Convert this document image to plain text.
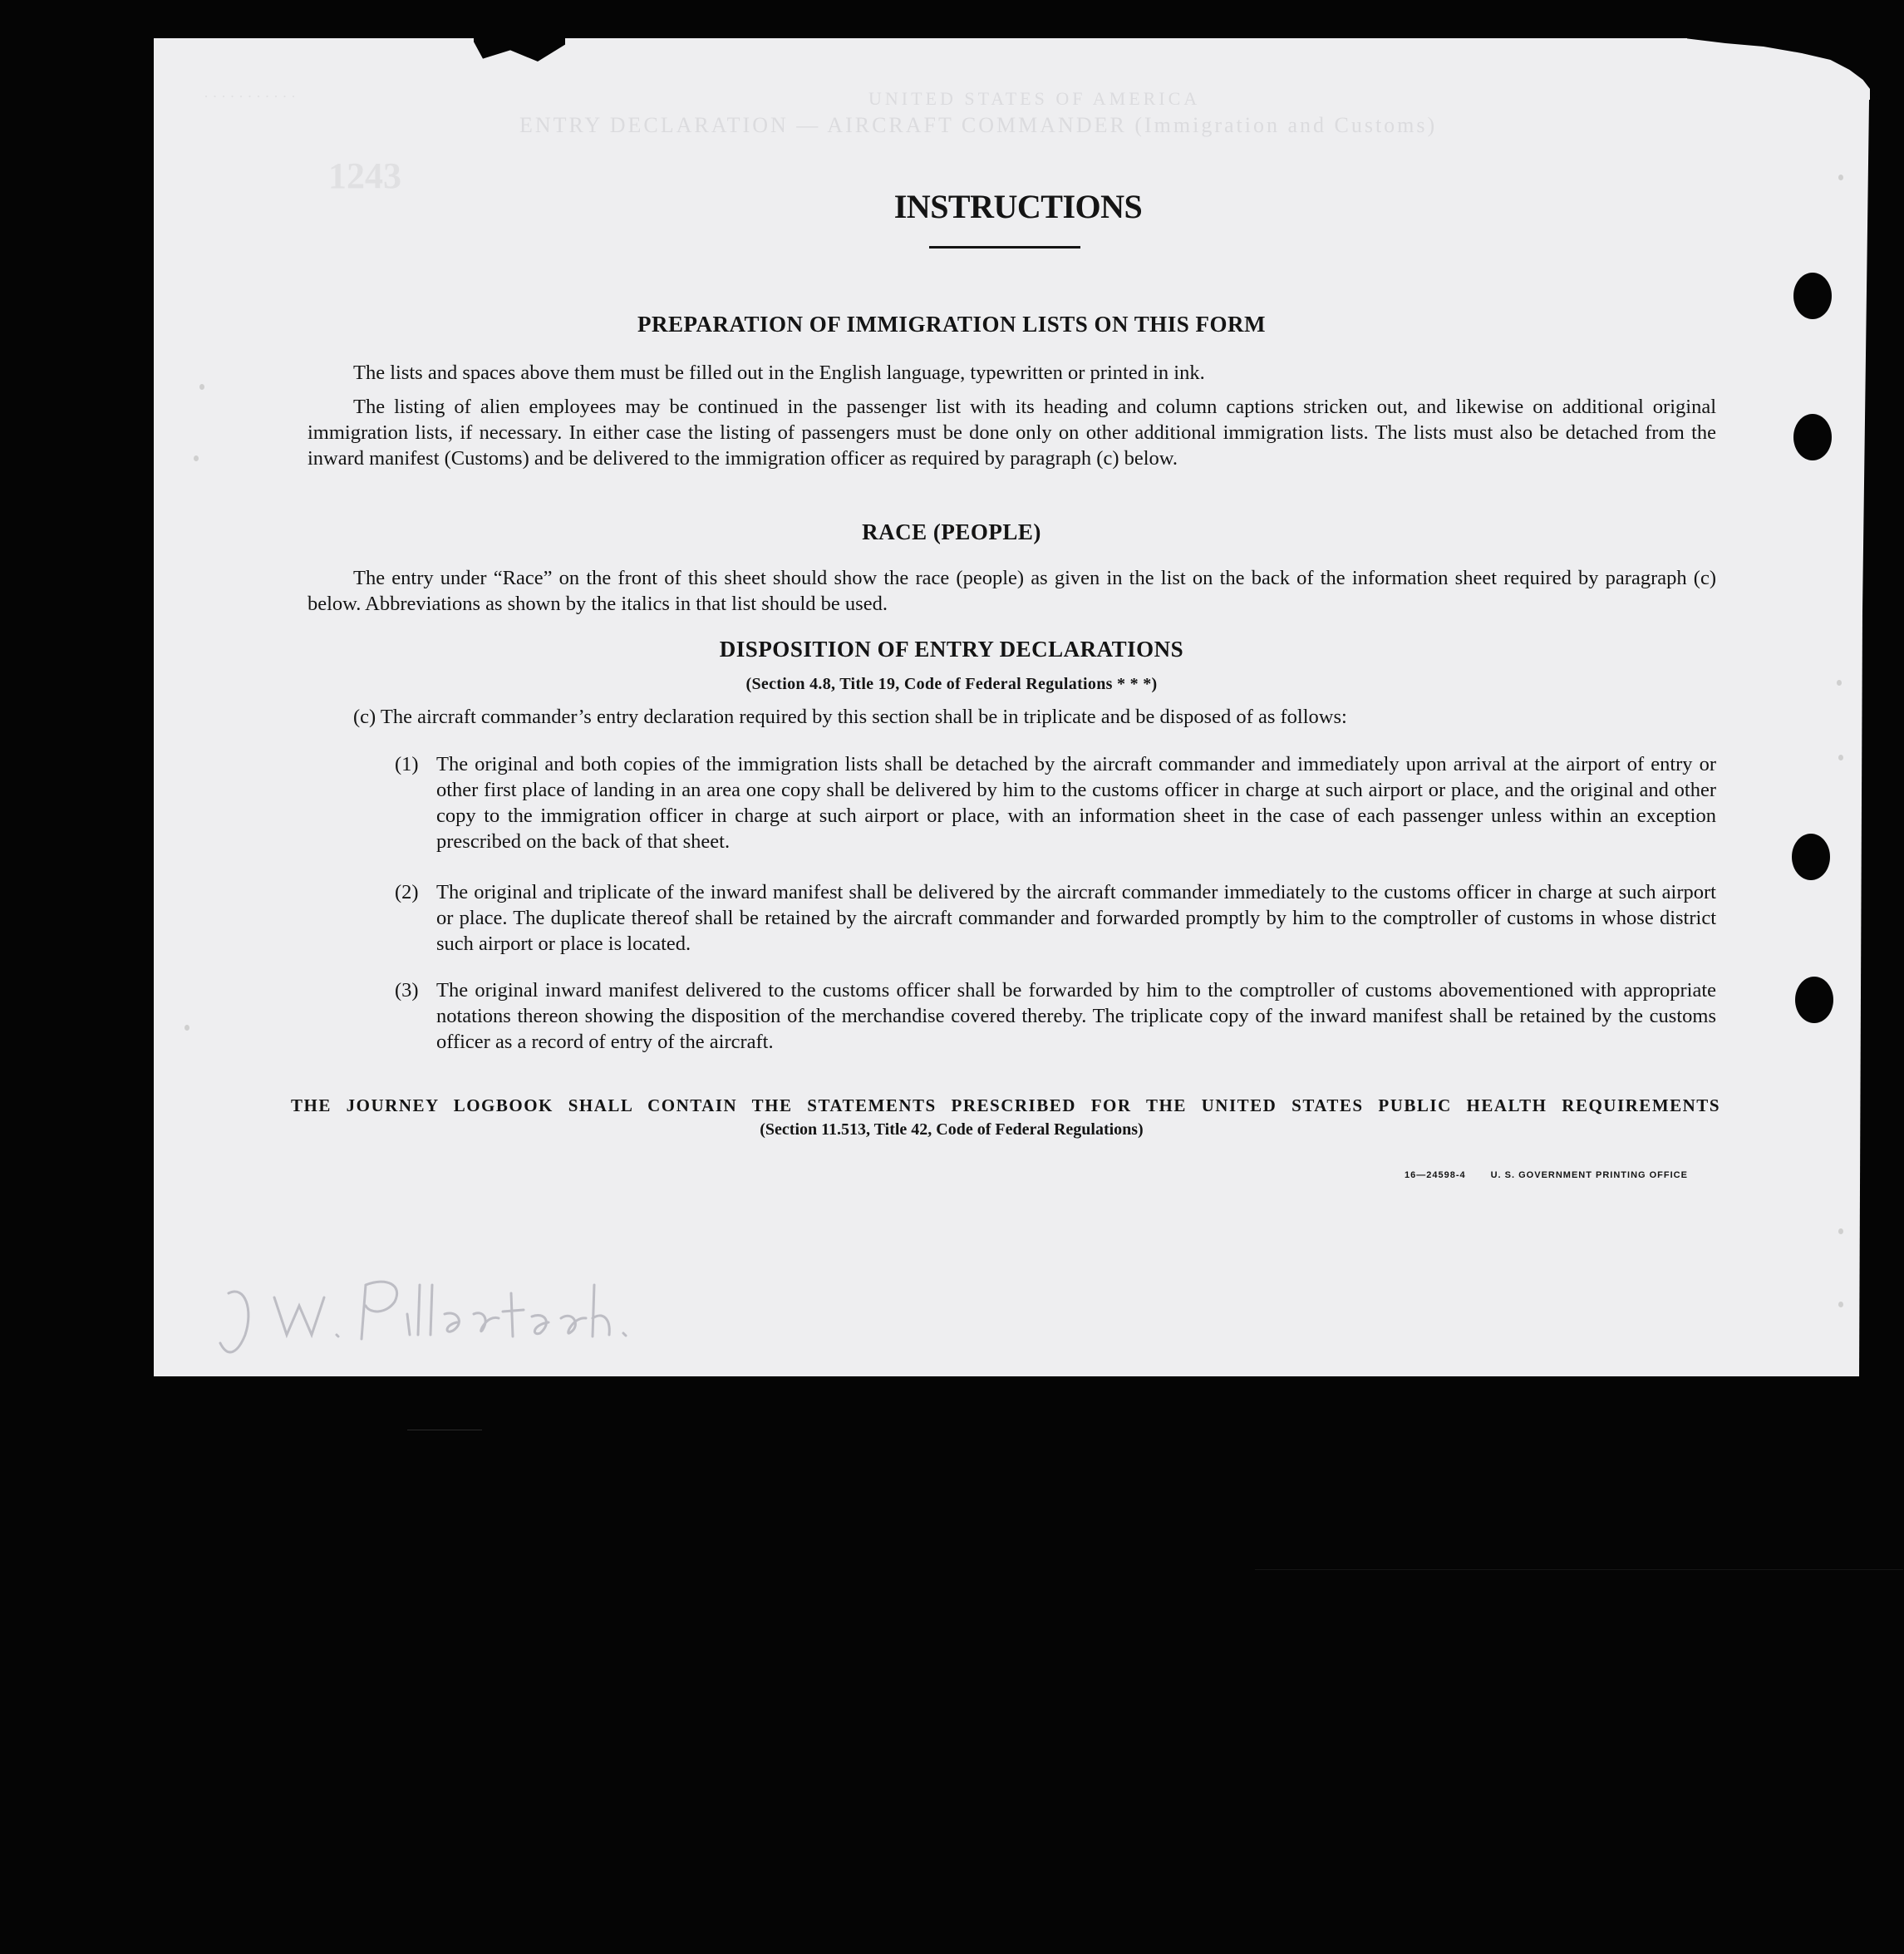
· · · · · · · · · · ·	UNITED STATES OF AMERICA
ENTRY DECLARATION — AIRCRAFT COMMANDER (Immigration and Customs)
1243
INSTRUCTIONS
PREPARATION OF IMMIGRATION LISTS ON THIS FORM
The lists and spaces above them must be filled out in the English language, typewritten or printed in ink.
The listing of alien employees may be continued in the passenger list with its heading and column captions stricken out, and likewise on additional original immigration lists, if necessary. In either case the listing of passengers must be done only on other additional immigration lists. The lists must also be detached from the inward manifest (Customs) and be delivered to the immigration officer as required by paragraph (c) below.
RACE (PEOPLE)
The entry under “Race” on the front of this sheet should show the race (people) as given in the list on the back of the information sheet required by paragraph (c) below. Abbreviations as shown by the italics in that list should be used.
DISPOSITION OF ENTRY DECLARATIONS
(Section 4.8, Title 19, Code of Federal Regulations * * *)
(c) The aircraft commander’s entry declaration required by this section shall be in triplicate and be disposed of as follows:
(1) The original and both copies of the immigration lists shall be detached by the aircraft commander and immediately upon arrival at the airport of entry or other first place of landing in an area one copy shall be delivered by him to the customs officer in charge at such airport or place, and the original and other copy to the immigration officer in charge at such airport or place, with an information sheet in the case of each passenger unless within an exception prescribed on the back of that sheet.
(2) The original and triplicate of the inward manifest shall be delivered by the aircraft commander immediately to the customs officer in charge at such airport or place. The duplicate thereof shall be retained by the aircraft commander and forwarded promptly by him to the comptroller of customs in whose district such airport or place is located.
(3) The original inward manifest delivered to the customs officer shall be forwarded by him to the comptroller of customs abovementioned with appropriate notations thereon showing the disposition of the merchandise covered thereby. The triplicate copy of the inward manifest shall be retained by the customs officer as a record of entry of the aircraft.
THE JOURNEY LOGBOOK SHALL CONTAIN THE STATEMENTS PRESCRIBED FOR THE UNITED STATES PUBLIC HEALTH REQUIREMENTS
(Section 11.513, Title 42, Code of Federal Regulations)
16—24598-4	U. S. GOVERNMENT PRINTING OFFICE
